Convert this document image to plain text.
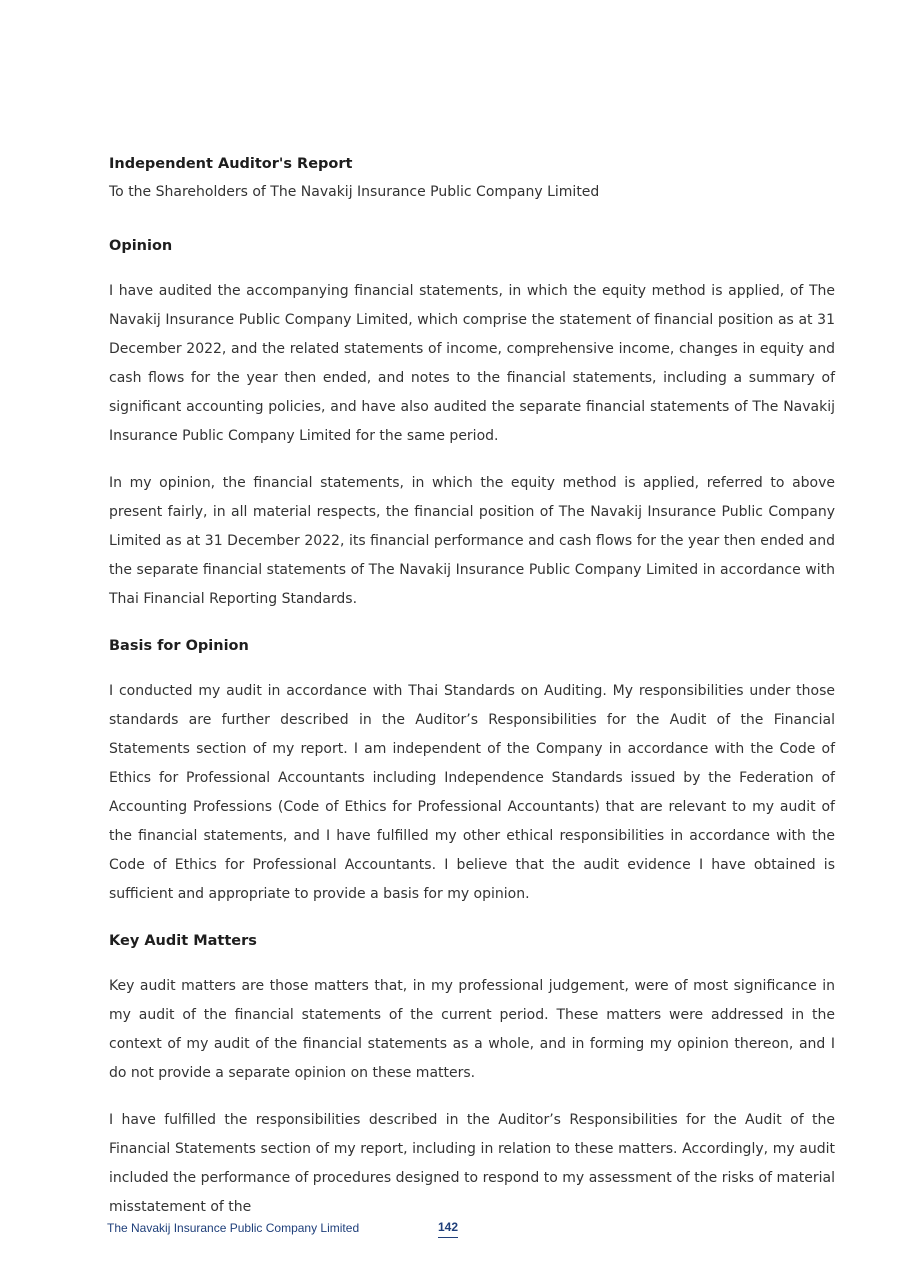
Independent Auditor's Report

To the Shareholders of The Navakij Insurance Public Company Limited

Opinion

I have audited the accompanying financial statements, in which the equity method is applied, of The Navakij Insurance Public Company Limited, which comprise the statement of financial position as at 31 December 2022, and the related statements of income, comprehensive income, changes in equity and cash flows for the year then ended, and notes to the financial statements, including a summary of significant accounting policies, and have also audited the separate financial statements of The Navakij Insurance Public Company Limited for the same period.

In my opinion, the financial statements, in which the equity method is applied, referred to above present fairly, in all material respects, the financial position of The Navakij Insurance Public Company Limited as at 31 December 2022, its financial performance and cash flows for the year then ended and the separate financial statements of The Navakij Insurance Public Company Limited in accordance with Thai Financial Reporting Standards.

Basis for Opinion

I conducted my audit in accordance with Thai Standards on Auditing. My responsibilities under those standards are further described in the Auditor’s Responsibilities for the Audit of the Financial Statements section of my report. I am independent of the Company in accordance with the Code of Ethics for Professional Accountants including Independence Standards issued by the Federation of Accounting Professions (Code of Ethics for Professional Accountants) that are relevant to my audit of the financial statements, and I have fulfilled my other ethical responsibilities in accordance with the Code of Ethics for Professional Accountants. I believe that the audit evidence I have obtained is sufficient and appropriate to provide a basis for my opinion.

Key Audit Matters

Key audit matters are those matters that, in my professional judgement, were of most significance in my audit of the financial statements of the current period. These matters were addressed in the context of my audit of the financial statements as a whole, and in forming my opinion thereon, and I do not provide a separate opinion on these matters.

I have fulfilled the responsibilities described in the Auditor’s Responsibilities for the Audit of the Financial Statements section of my report, including in relation to these matters. Accordingly, my audit included the performance of procedures designed to respond to my assessment of the risks of material misstatement of the

The Navakij Insurance Public Company Limited	142
